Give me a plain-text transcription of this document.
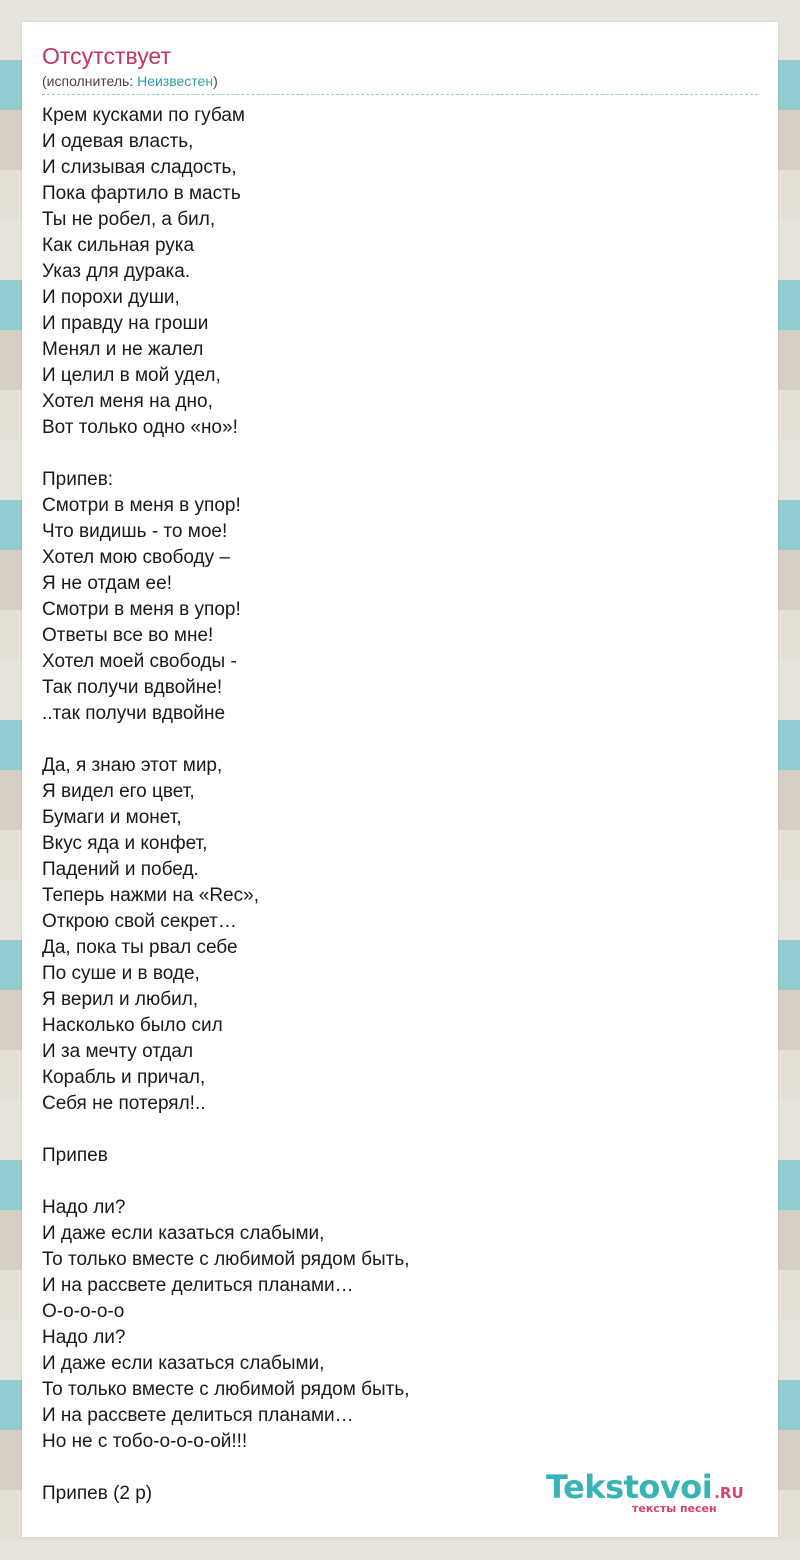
Отсутствует
(исполнитель: Неизвестен)
Крем кусками по губам
И одевая власть,
И слизывая сладость,
Пока фартило в масть
Ты не робел, а бил,
Как сильная рука
Указ для дурака.
И порохи души,
И правду на гроши
Менял и не жалел
И целил в мой удел,
Хотел меня на дно,
Вот только одно «но»!

Припев:
Смотри в меня в упор!
Что видишь - то мое!
Хотел мою свободу –
Я не отдам ее!
Смотри в меня в упор!
Ответы все во мне!
Хотел моей свободы -
Так получи вдвойне!
..так получи вдвойне

Да, я знаю этот мир,
Я видел его цвет,
Бумаги и монет,
Вкус яда и конфет,
Падений и побед.
Теперь нажми на «Rec»,
Открою свой секрет…
Да, пока ты рвал себе
По суше и в воде,
Я верил и любил,
Насколько было сил
И за мечту отдал
Корабль и причал,
Себя не потерял!..

Припев

Надо ли?
И даже если казаться слабыми,
То только вместе с любимой рядом быть,
И на рассвете делиться планами…
О-о-о-о-о
Надо ли?
И даже если казаться слабыми,
То только вместе с любимой рядом быть,
И на рассвете делиться планами…
Но не с тобо-о-о-о-ой!!!

Припев (2 р)	Tekstovoi .RU
тексты песен
